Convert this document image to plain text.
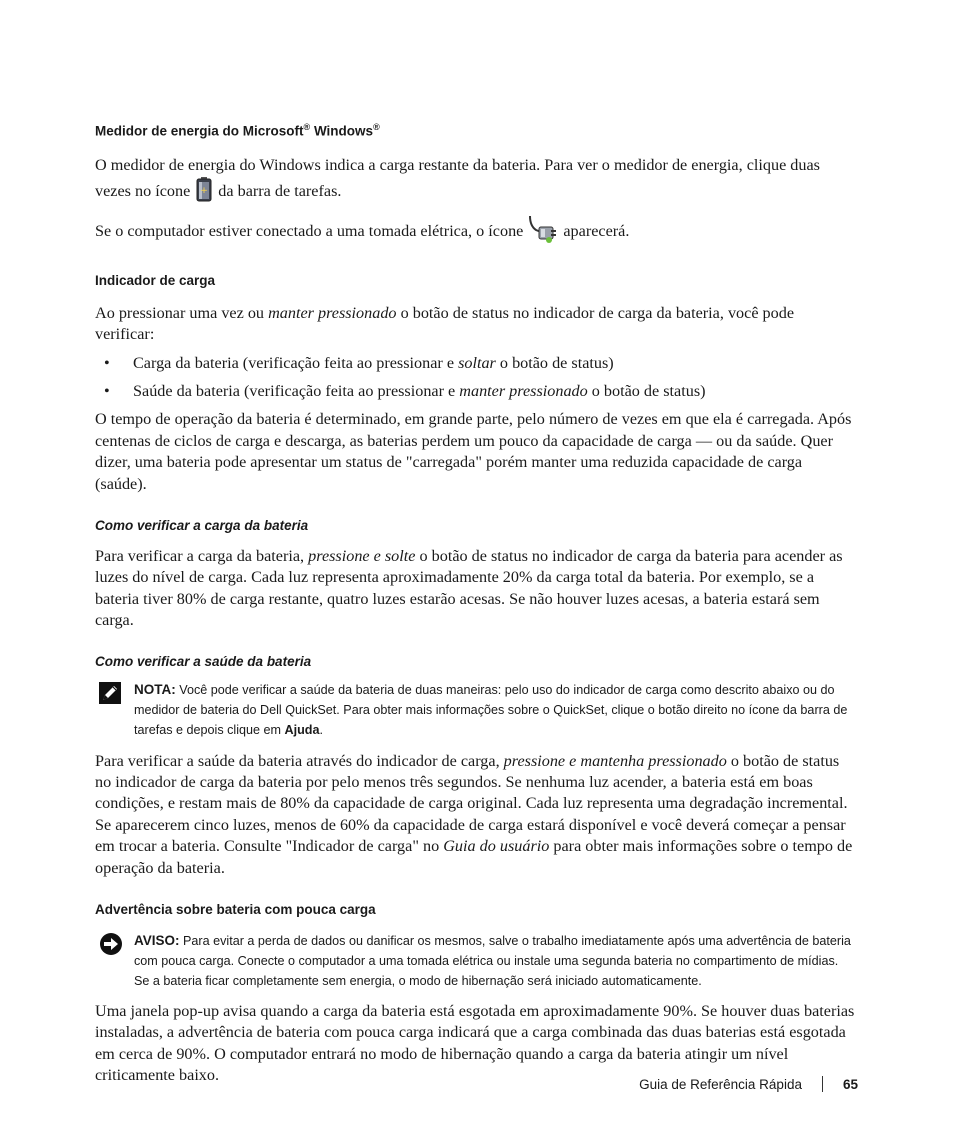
Medidor de energia do Microsoft® Windows®

O medidor de energia do Windows indica a carga restante da bateria. Para ver o medidor de energia, clique duas vezes no ícone + da barra de tarefas.

Se o computador estiver conectado a uma tomada elétrica, o ícone aparecerá.

Indicador de carga

Ao pressionar uma vez ou manter pressionado o botão de status no indicador de carga da bateria, você pode verificar:

• Carga da bateria (verificação feita ao pressionar e soltar o botão de status)
• Saúde da bateria (verificação feita ao pressionar e manter pressionado o botão de status)

O tempo de operação da bateria é determinado, em grande parte, pelo número de vezes em que ela é carregada. Após centenas de ciclos de carga e descarga, as baterias perdem um pouco da capacidade de carga — ou da saúde. Quer dizer, uma bateria pode apresentar um status de "carregada" porém manter uma reduzida capacidade de carga (saúde).

Como verificar a carga da bateria

Para verificar a carga da bateria, pressione e solte o botão de status no indicador de carga da bateria para acender as luzes do nível de carga. Cada luz representa aproximadamente 20% da carga total da bateria. Por exemplo, se a bateria tiver 80% de carga restante, quatro luzes estarão acesas. Se não houver luzes acesas, a bateria estará sem carga.

Como verificar a saúde da bateria
NOTA: Você pode verificar a saúde da bateria de duas maneiras: pelo uso do indicador de carga como descrito abaixo ou do medidor de bateria do Dell QuickSet. Para obter mais informações sobre o QuickSet, clique o botão direito no ícone da barra de tarefas e depois clique em Ajuda.

Para verificar a saúde da bateria através do indicador de carga, pressione e mantenha pressionado o botão de status no indicador de carga da bateria por pelo menos três segundos. Se nenhuma luz acender, a bateria está em boas condições, e restam mais de 80% da capacidade de carga original. Cada luz representa uma degradação incremental. Se aparecerem cinco luzes, menos de 60% da capacidade de carga estará disponível e você deverá começar a pensar em trocar a bateria. Consulte "Indicador de carga" no Guia do usuário para obter mais informações sobre o tempo de operação da bateria.

Advertência sobre bateria com pouca carga
AVISO: Para evitar a perda de dados ou danificar os mesmos, salve o trabalho imediatamente após uma advertência de bateria com pouca carga. Conecte o computador a uma tomada elétrica ou instale uma segunda bateria no compartimento de mídias. Se a bateria ficar completamente sem energia, o modo de hibernação será iniciado automaticamente.

Uma janela pop-up avisa quando a carga da bateria está esgotada em aproximadamente 90%. Se houver duas baterias instaladas, a advertência de bateria com pouca carga indicará que a carga combinada das duas baterias está esgotada em cerca de 90%. O computador entrará no modo de hibernação quando a carga da bateria atingir um nível criticamente baixo.	Guia de Referência Rápida	65
